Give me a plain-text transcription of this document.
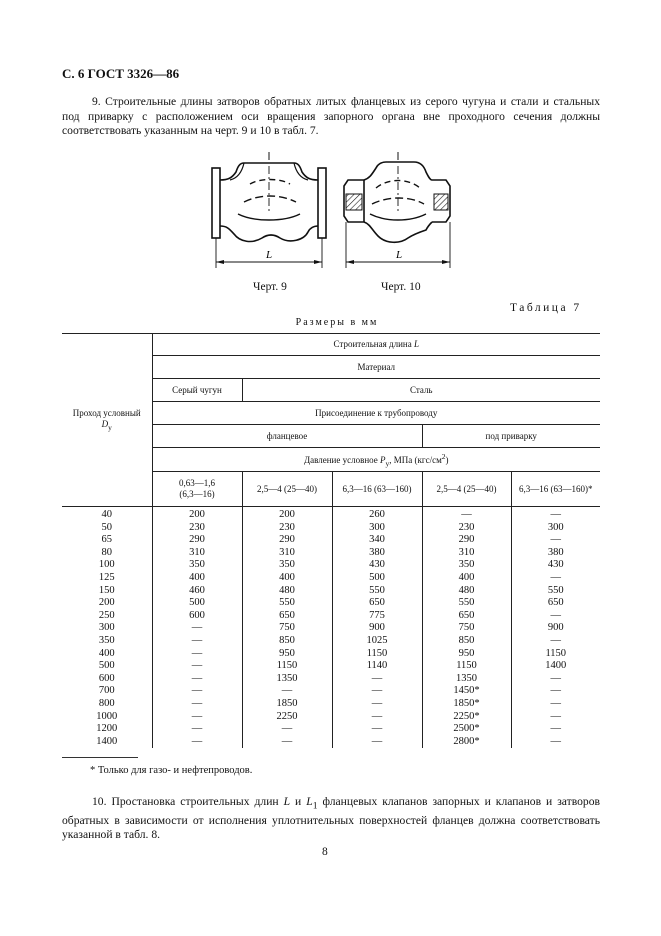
С. 6 ГОСТ 3326—86
9. Строительные длины затворов обратных литых фланцевых из серого чугуна и стали и стальных под приварку с расположением оси вращения запорного органа вне проходного сечения должны соответствовать указанным на черт. 9 и 10 в табл. 7.
L	L
Черт. 9	Черт. 10
Таблица 7
Размеры в мм
Проход условный
$D_у$	Строительная длина L				
	Материал				
	Серый чугун	Сталь			
	Присоединение к трубопроводу				
	фланцевое			под приварку	
	Давление условное $P_у$, МПа $(кгс/см^2)$				
	0,63—1,6
(6,3—16)	2,5—4 (25—40)	6,3—16 (63—160)	2,5—4 (25—40)	6,3—16 (63—160)*
40	200	200	260	—	—
50	230	230	300	230	300
65	290	290	340	290	—
80	310	310	380	310	380
100	350	350	430	350	430
125	400	400	500	400	—
150	460	480	550	480	550
200	500	550	650	550	650
250	600	650	775	650	—
300	—	750	900	750	900
350	—	850	1025	850	—
400	—	950	1150	950	1150
500	—	1150	1140	1150	1400
600	—	1350	—	1350	—
700	—	—	—	1450*	—
800	—	1850	—	1850*	—
1000	—	2250	—	2250*	—
1200	—	—	—	2500*	—
1400	—	—	—	2800*	—
* Только для газо- и нефтепроводов.
10. Простановка строительных длин L и $L_1$ фланцевых клапанов запорных и клапанов и затворов обратных в зависимости от исполнения уплотнительных поверхностей фланцев должна соответствовать указанной в табл. 8.
8
